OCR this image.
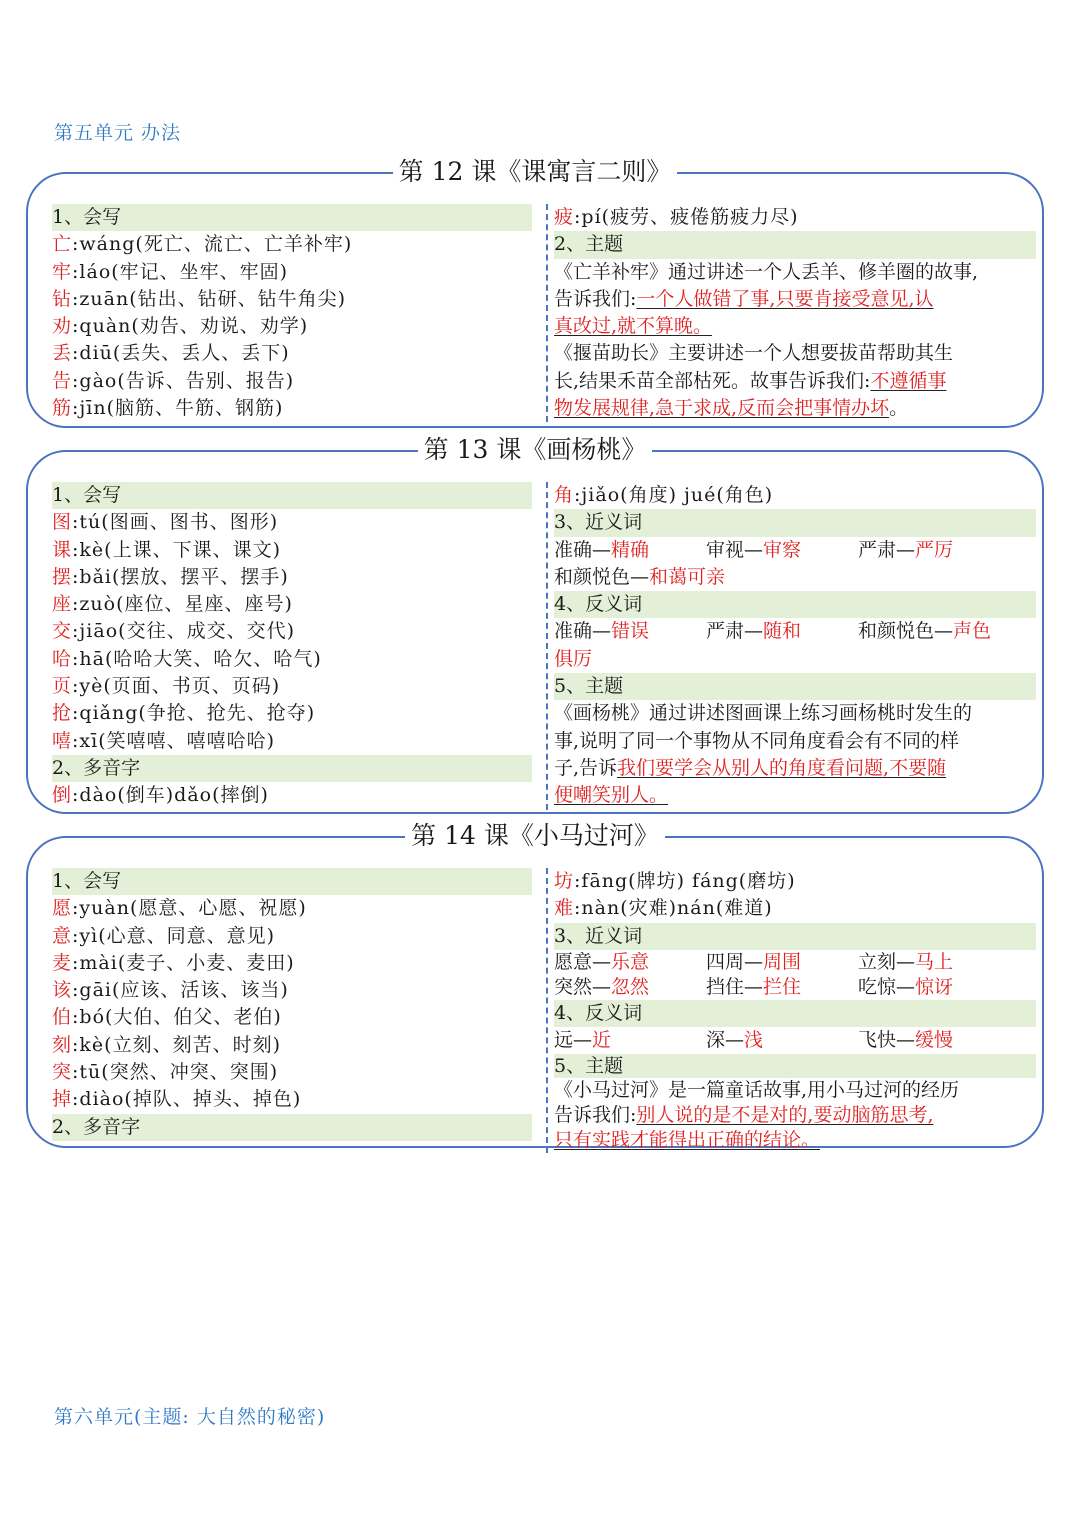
第五单元 办法
第 12 课《课寓言二则》
1、会写
亡:wáng(死亡、流亡、亡羊补牢)
牢:láo(牢记、坐牢、牢固)
钻:zuān(钻出、钻研、钻牛角尖)
劝:quàn(劝告、劝说、劝学)
丢:diū(丢失、丢人、丢下)
告:gào(告诉、告别、报告)
筋:jīn(脑筋、牛筋、钢筋)
疲:pí(疲劳、疲倦筋疲力尽)
2、主题
《亡羊补牢》通过讲述一个人丢羊、修羊圈的故事,
告诉我们:一个人做错了事,只要肯接受意见,认
真改过,就不算晚。
《揠苗助长》主要讲述一个人想要拔苗帮助其生
长,结果禾苗全部枯死。故事告诉我们:不遵循事
物发展规律,急于求成,反而会把事情办坏。
第 13 课《画杨桃》
1、会写
图:tú(图画、图书、图形)
课:kè(上课、下课、课文)
摆:bǎi(摆放、摆平、摆手)
座:zuò(座位、星座、座号)
交:jiāo(交往、成交、交代)
哈:hā(哈哈大笑、哈欠、哈气)
页:yè(页面、书页、页码)
抢:qiǎng(争抢、抢先、抢夺)
嘻:xī(笑嘻嘻、嘻嘻哈哈)
2、多音字
倒:dào(倒车)dǎo(摔倒)
角:jiǎo(角度) jué(角色)
3、近义词
准确—精确	审视—审察	严肃—严厉
和颜悦色—和蔼可亲
4、反义词
准确—错误	严肃—随和	和颜悦色—声色
俱厉
5、主题
《画杨桃》通过讲述图画课上练习画杨桃时发生的
事,说明了同一个事物从不同角度看会有不同的样
子,告诉我们要学会从别人的角度看问题,不要随
便嘲笑别人。
第 14 课《小马过河》
1、会写
愿:yuàn(愿意、心愿、祝愿)
意:yì(心意、同意、意见)
麦:mài(麦子、小麦、麦田)
该:gāi(应该、活该、该当)
伯:bó(大伯、伯父、老伯)
刻:kè(立刻、刻苦、时刻)
突:tū(突然、冲突、突围)
掉:diào(掉队、掉头、掉色)
2、多音字
坊:fāng(牌坊) fáng(磨坊)
难:nàn(灾难)nán(难道)
3、近义词
愿意—乐意	四周—周围	立刻—马上
突然—忽然	挡住—拦住	吃惊—惊讶
4、反义词
远—近	深—浅	飞快—缓慢
5、主题
《小马过河》是一篇童话故事,用小马过河的经历
告诉我们:别人说的是不是对的,要动脑筋思考,
只有实践才能得出正确的结论。
第六单元(主题: 大自然的秘密)
